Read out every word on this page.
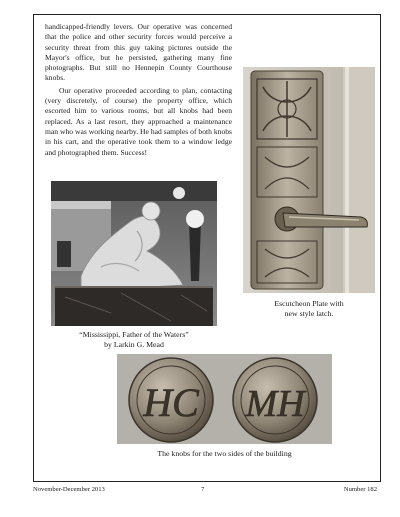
handicapped-friendly levers. Our operative was concerned that the police and other security forces would perceive a security threat from this guy taking pictures outside the Mayor's office, but he persisted, gathering many fine photographs. But still no Hennepin County Courthouse knobs.

Our operative proceeded according to plan, contacting (very discretely, of course) the property office, which escorted him to various rooms, but all knobs had been replaced. As a last resort, they approached a maintenance man who was working nearby. He had samples of both knobs in his cart, and the operative took them to a window ledge and photographed them. Success!

HC MH
Escutcheon Plate with
new style latch.
“Mississippi, Father of the Waters”
by Larkin G. Mead
The knobs for the two sides of the building
November-December 2013	7	Number 182
